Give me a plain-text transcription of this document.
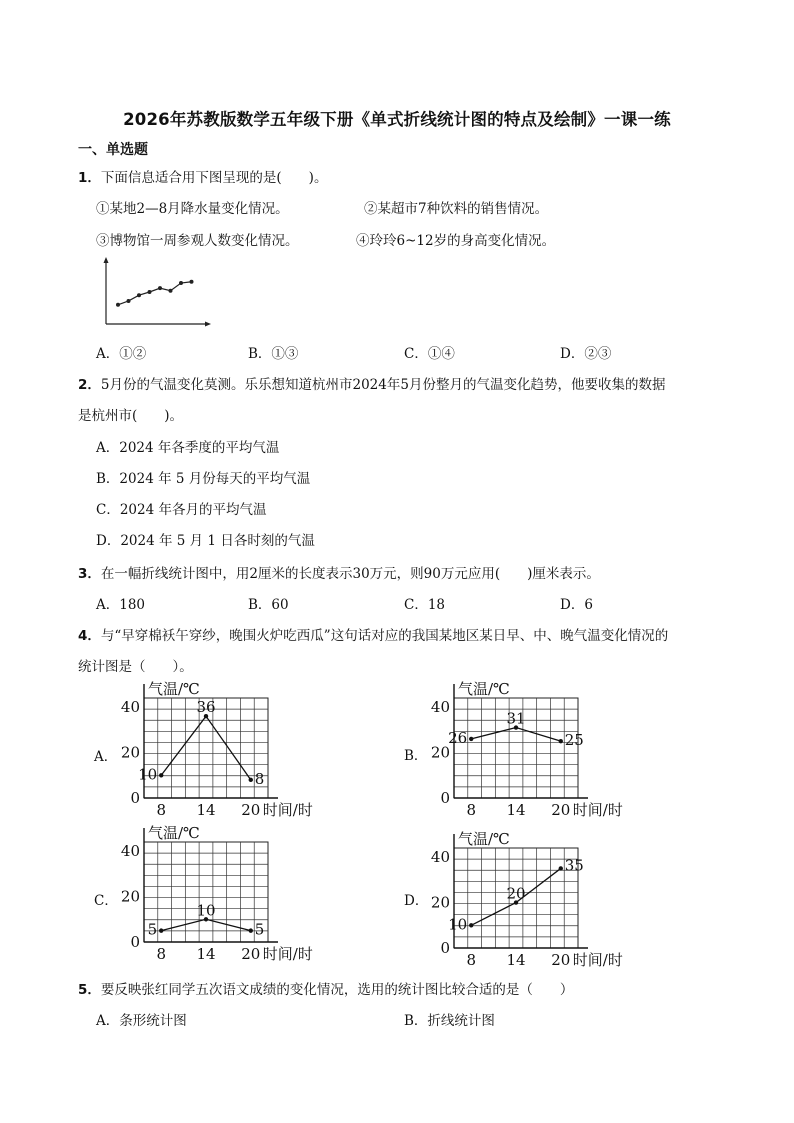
2026年苏教版数学五年级下册《单式折线统计图的特点及绘制》一课一练
一、单选题
1．下面信息适合用下图呈现的是(　　)。
①某地2—8月降水量变化情况。	②某超市7种饮料的销售情况。
③博物馆一周参观人数变化情况。	④玲玲6~12岁的身高变化情况。
A．①②	B．①③	C．①④	D．②③
2．5月份的气温变化莫测。乐乐想知道杭州市2024年5月份整月的气温变化趋势，他要收集的数据
是杭州市(　　)。
A．2024 年各季度的平均气温
B．2024 年 5 月份每天的平均气温
C．2024 年各月的平均气温
D．2024 年 5 月 1 日各时刻的气温
3．在一幅折线统计图中，用2厘米的长度表示30万元，则90万元应用(　　)厘米表示。
A．180	B．60	C．18	D．6
4．与“早穿棉袄午穿纱，晚围火炉吃西瓜”这句话对应的我国某地区某日早、中、晚气温变化情况的
统计图是（　　）。
A．	B．
C．	D．
气温/℃
0
20
40
8 14 20 时间/时
10
36
8
气温/℃
0
20
40
8 14 20 时间/时
26
31
25
气温/℃
0
20
40
8 14 20 时间/时
5
10
5
气温/℃
0
20
40
8 14 20 时间/时
10
20
35
5．要反映张红同学五次语文成绩的变化情况，选用的统计图比较合适的是（　　）
A．条形统计图	B．折线统计图
